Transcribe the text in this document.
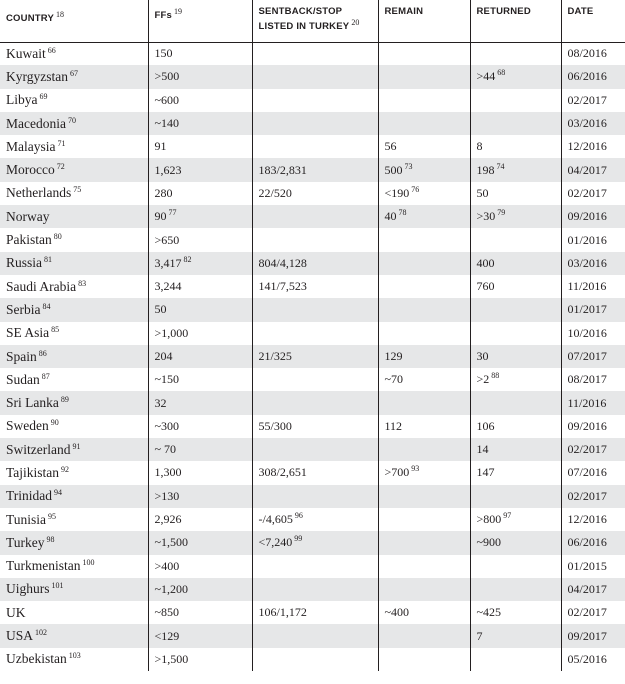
COUNTRY $^{18}$	FFs $^{19}$	SENTBACK/STOP
LISTED IN TURKEY $^{20}$	REMAIN	RETURNED	DATE
Kuwait $^{66}$	150				08/2016
Kyrgyzstan $^{67}$	>500			>44 $^{68}$	06/2016
Libya $^{69}$	~600				02/2017
Macedonia $^{70}$	~140				03/2016
Malaysia $^{71}$	91		56	8	12/2016
Morocco $^{72}$	1,623	183/2,831	500 $^{73}$	198 $^{74}$	04/2017
Netherlands $^{75}$	280	22/520	<190 $^{76}$	50	02/2017
Norway	90 $^{77}$		40 $^{78}$	>30 $^{79}$	09/2016
Pakistan $^{80}$	>650				01/2016
Russia $^{81}$	3,417 $^{82}$	804/4,128		400	03/2016
Saudi Arabia $^{83}$	3,244	141/7,523		760	11/2016
Serbia $^{84}$	50				01/2017
SE Asia $^{85}$	>1,000				10/2016
Spain $^{86}$	204	21/325	129	30	07/2017
Sudan $^{87}$	~150		~70	>2 $^{88}$	08/2017
Sri Lanka $^{89}$	32				11/2016
Sweden $^{90}$	~300	55/300	112	106	09/2016
Switzerland $^{91}$	~ 70			14	02/2017
Tajikistan $^{92}$	1,300	308/2,651	>700 $^{93}$	147	07/2016
Trinidad $^{94}$	>130				02/2017
Tunisia $^{95}$	2,926	-/4,605 $^{96}$		>800 $^{97}$	12/2016
Turkey $^{98}$	~1,500	<7,240 $^{99}$		~900	06/2016
Turkmenistan $^{100}$	>400				01/2015
Uighurs $^{101}$	~1,200				04/2017
UK	~850	106/1,172	~400	~425	02/2017
USA $^{102}$	<129			7	09/2017
Uzbekistan $^{103}$	>1,500				05/2016
